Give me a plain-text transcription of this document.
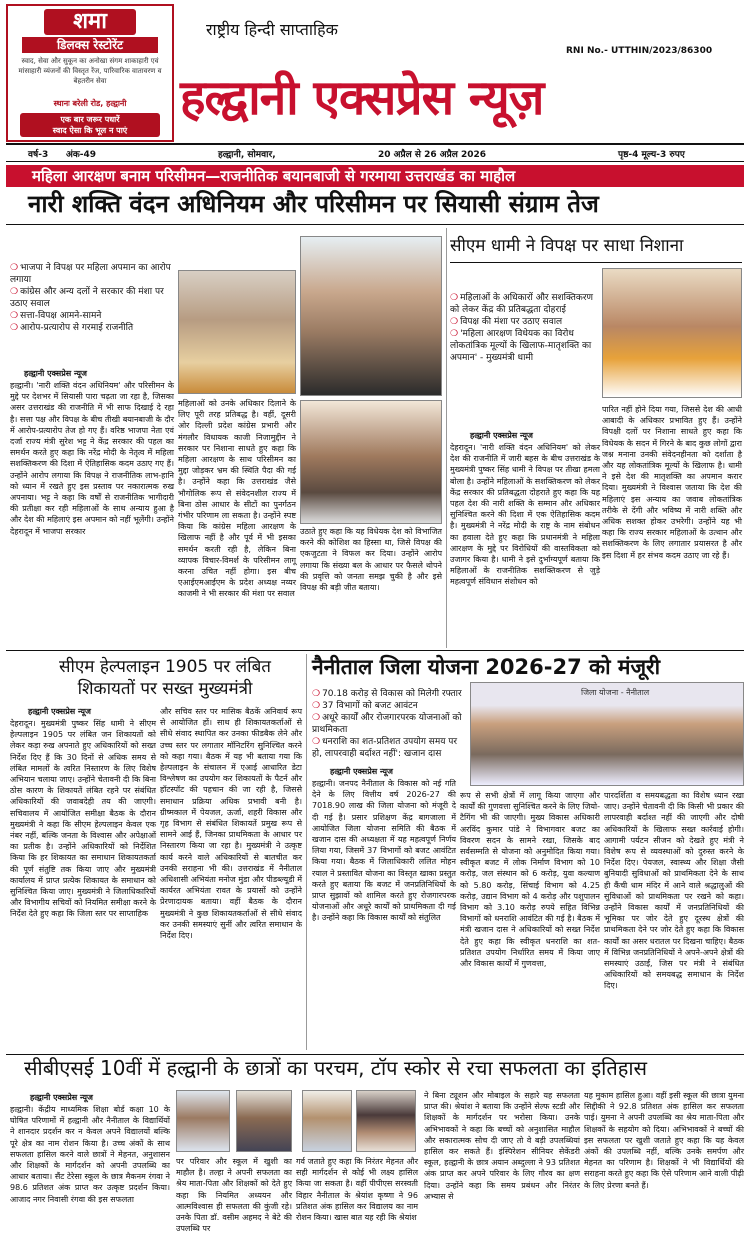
शमा
डिलक्स रेस्टोरेंट
स्वाद, सेवा और सुकून का अनोखा संगम शाकाहारी एवं मांसाहारी व्यंजनों की विस्तृत रेंज, पारिवारिक वातावरण व बेहतरीन सेवा
स्थानः बरेली रोड, हल्द्वानी
एक बार जरूर पधारें
स्वाद ऐसा कि भूल न पाएं
राष्ट्रीय हिन्दी साप्ताहिक
RNI No.- UTTHIN/2023/86300
हल्द्वानी एक्सप्रेस न्यूज़
वर्ष-3 अंक-49	हल्द्वानी, सोमवार,	20 अप्रैल से 26 अप्रैल 2026	पृष्ठ-4 मूल्य-3 रुपए
महिला आरक्षण बनाम परिसीमन—राजनीतिक बयानबाजी से गरमाया उत्तराखंड का माहौल
नारी शक्ति वंदन अधिनियम और परिसीमन पर सियासी संग्राम तेज
❍ भाजपा ने विपक्ष पर महिला अपमान का आरोप लगाया
❍ कांग्रेस और अन्य दलों ने सरकार की मंशा पर उठाए सवाल
❍ सत्ता-विपक्ष आमने-सामने
❍ आरोप-प्रत्यारोप से गरमाई राजनीति
हल्द्वानी एक्सप्रेस न्यूज
हल्द्वानी। 'नारी शक्ति वंदन अधिनियम' और परिसीमन के मुद्दे पर देशभर में सियासी पारा चढ़ता जा रहा है, जिसका असर उत्तराखंड की राजनीति में भी साफ दिखाई दे रहा है। सत्ता पक्ष और विपक्ष के बीच तीखी बयानबाजी के दौर में आरोप-प्रत्यारोप तेज हो गए हैं। वरिष्ठ भाजपा नेता एवं दर्जा राज्य मंत्री सुरेश भट्ट ने केंद्र सरकार की पहल का समर्थन करते हुए कहा कि नरेंद्र मोदी के नेतृत्व में महिला सशक्तिकरण की दिशा में ऐतिहासिक कदम उठाए गए हैं। उन्होंने आरोप लगाया कि विपक्ष ने राजनीतिक लाभ-हानि को ध्यान में रखते हुए इस प्रस्ताव पर नकारात्मक रुख अपनाया। भट्ट ने कहा कि वर्षों से राजनीतिक भागीदारी की प्रतीक्षा कर रही महिलाओं के साथ अन्याय हुआ है और देश की महिलाएं इस अपमान को नहीं भूलेंगी। उन्होंने देहरादून में भाजपा सरकार
महिलाओं को उनके अधिकार दिलाने के लिए पूरी तरह प्रतिबद्ध है। वहीं, दूसरी ओर दिल्ली प्रदेश कांग्रेस प्रभारी और मंगलौर विधायक काजी निजामुद्दीन ने सरकार पर निशाना साधते हुए कहा कि महिला आरक्षण के साथ परिसीमन का मुद्दा जोड़कर भ्रम की स्थिति पैदा की गई है। उन्होंने कहा कि उत्तराखंड जैसे भौगोलिक रूप से संवेदनशील राज्य में बिना ठोस आधार के सीटों का पुनर्गठन गंभीर परिणाम ला सकता है। उन्होंने स्पष्ट किया कि कांग्रेस महिला आरक्षण के खिलाफ नहीं है और पूर्व में भी इसका समर्थन करती रही है, लेकिन बिना व्यापक विचार-विमर्श के परिसीमन लागू करना उचित नहीं होगा। इस बीच एआईएमआईएम के प्रदेश अध्यक्ष नय्यर काजमी ने भी सरकार की मंशा पर सवाल
उठाते हुए कहा कि यह विधेयक देश को विभाजित करने की कोशिश का हिस्सा था, जिसे विपक्ष की एकजुटता ने विफल कर दिया। उन्होंने आरोप लगाया कि संख्या बल के आधार पर फैसले थोपने की प्रवृत्ति को जनता समझ चुकी है और इसे विपक्ष की बड़ी जीत बताया।
सीएम धामी ने विपक्ष पर साधा निशाना
❍ महिलाओं के अधिकारों और सशक्तिकरण को लेकर केंद्र की प्रतिबद्धता दोहराई
❍ विपक्ष की मंशा पर उठाए सवाल
❍ 'महिला आरक्षण विधेयक का विरोध लोकतांत्रिक मूल्यों के खिलाफ-मातृशक्ति का अपमान' - मुख्यमंत्री धामी
हल्द्वानी एक्सप्रेस न्यूज
देहरादून। 'नारी शक्ति वंदन अधिनियम' को लेकर देश की राजनीति में जारी बहस के बीच उत्तराखंड के मुख्यमंत्री पुष्कर सिंह धामी ने विपक्ष पर तीखा हमला बोला है। उन्होंने महिलाओं के सशक्तिकरण को लेकर केंद्र सरकार की प्रतिबद्धता दोहराते हुए कहा कि यह पहल देश की नारी शक्ति के सम्मान और अधिकार सुनिश्चित करने की दिशा में एक ऐतिहासिक कदम है। मुख्यमंत्री ने नरेंद्र मोदी के राष्ट्र के नाम संबोधन का हवाला देते हुए कहा कि प्रधानमंत्री ने महिला आरक्षण के मुद्दे पर विरोधियों की वास्तविकता को उजागर किया है। धामी ने इसे दुर्भाग्यपूर्ण बताया कि महिलाओं के राजनीतिक सशक्तिकरण से जुड़े महत्वपूर्ण संविधान संशोधन को
पारित नहीं होने दिया गया, जिससे देश की आधी आबादी के अधिकार प्रभावित हुए हैं। उन्होंने विपक्षी दलों पर निशाना साधते हुए कहा कि विधेयक के सदन में गिरने के बाद कुछ लोगों द्वारा जश्न मनाना उनकी संवेदनहीनता को दर्शाता है और यह लोकतांत्रिक मूल्यों के खिलाफ है। धामी ने इसे देश की मातृशक्ति का अपमान करार दिया। मुख्यमंत्री ने विश्वास जताया कि देश की महिलाएं इस अन्याय का जवाब लोकतांत्रिक तरीके से देंगी और भविष्य में नारी शक्ति और अधिक सशक्त होकर उभरेगी। उन्होंने यह भी कहा कि राज्य सरकार महिलाओं के उत्थान और सशक्तिकरण के लिए लगातार प्रयासरत है और इस दिशा में हर संभव कदम उठाए जा रहे हैं।
सीएम हेल्पलाइन 1905 पर लंबित शिकायतों पर सख्त मुख्यमंत्री
हल्द्वानी एक्सप्रेस न्यूज
देहरादून। मुख्यमंत्री पुष्कर सिंह धामी ने सीएम हेल्पलाइन 1905 पर लंबित जन शिकायतों को लेकर कड़ा रुख अपनाते हुए अधिकारियों को सख्त निर्देश दिए हैं कि 30 दिनों से अधिक समय से लंबित मामलों के त्वरित निस्तारण के लिए विशेष अभियान चलाया जाए। उन्होंने चेतावनी दी कि बिना ठोस कारण के शिकायतें लंबित रहने पर संबंधित अधिकारियों की जवाबदेही तय की जाएगी। सचिवालय में आयोजित समीक्षा बैठक के दौरान मुख्यमंत्री ने कहा कि सीएम हेल्पलाइन केवल एक नंबर नहीं, बल्कि जनता के विश्वास और अपेक्षाओं का प्रतीक है। उन्होंने अधिकारियों को निर्देशित किया कि हर शिकायत का समाधान शिकायतकर्ता की पूर्ण संतुष्टि तक किया जाए और मुख्यमंत्री कार्यालय में प्राप्त प्रत्येक शिकायत के समाधान को सुनिश्चित किया जाए। मुख्यमंत्री ने जिलाधिकारियों और विभागीय सचिवों को नियमित समीक्षा करने के निर्देश देते हुए कहा कि जिला स्तर पर साप्ताहिक
और सचिव स्तर पर मासिक बैठकें अनिवार्य रूप से आयोजित हों। साथ ही शिकायतकर्ताओं से सीधे संवाद स्थापित कर उनका फीडबैक लेने और उच्च स्तर पर लगातार मॉनिटरिंग सुनिश्चित करने को कहा गया। बैठक में यह भी बताया गया कि हेल्पलाइन के संचालन में एआई आधारित डेटा विश्लेषण का उपयोग कर शिकायतों के पैटर्न और हॉटस्पॉट की पहचान की जा रही है, जिससे समाधान प्रक्रिया अधिक प्रभावी बनी है। ग्रीष्मकाल में पेयजल, ऊर्जा, शहरी विकास और गृह विभाग से संबंधित शिकायतें प्रमुख रूप से सामने आई हैं, जिनका प्राथमिकता के आधार पर निस्तारण किया जा रहा है। मुख्यमंत्री ने उत्कृष्ट कार्य करने वाले अधिकारियों से बातचीत कर उनकी सराहना भी की। उत्तराखंड में नैनीताल अधिशासी अभियंता मनोज मुंडा और पीडब्ल्यूडी में कार्यरत अभियंता रावत के प्रयासों को उन्होंने प्रेरणादायक बताया। वहीं बैठक के दौरान मुख्यमंत्री ने कुछ शिकायतकर्ताओं से सीधे संवाद कर उनकी समस्याएं सुनीं और त्वरित समाधान के निर्देश दिए।
नैनीताल जिला योजना 2026-27 को मंजूरी
❍ 70.18 करोड़ से विकास को मिलेगी रफ्तार
❍ 37 विभागों को बजट आवंटन
❍ अधूरे कार्यों और रोजगारपरक योजनाओं को प्राथमिकता
❍ धनराशि का शत-प्रतिशत उपयोग समय पर हो, लापरवाही बर्दाश्त नहीं': खजान दास
जिला योजना - नैनीताल
हल्द्वानी एक्सप्रेस न्यूज
हल्द्वानी। जनपद नैनीताल के विकास को नई गति देने के लिए वित्तीय वर्ष 2026-27 की 7018.90 लाख की जिला योजना को मंजूरी दे दी गई है। प्रसार प्रशिक्षण केंद्र बागजाला में आयोजित जिला योजना समिति की बैठक में खजान दास की अध्यक्षता में यह महत्वपूर्ण निर्णय लिया गया, जिसमें 37 विभागों को बजट आवंटित किया गया। बैठक में जिलाधिकारी ललित मोहन रयाल ने प्रस्तावित योजना का विस्तृत खाका प्रस्तुत करते हुए बताया कि बजट में जनप्रतिनिधियों के प्राप्त सुझावों को शामिल करते हुए रोजगारपरक योजनाओं और अधूरे कार्यों को प्राथमिकता दी गई है। उन्होंने कहा कि विकास कार्यों को संतुलित
रूप से सभी क्षेत्रों में लागू किया जाएगा और कार्यों की गुणवत्ता सुनिश्चित करने के लिए जियो-टैगिंग भी की जाएगी। मुख्य विकास अधिकारी अरविंद कुमार पांडे ने विभागवार बजट का विवरण सदन के सामने रखा, जिसके बाद सर्वसम्मति से योजना को अनुमोदित किया गया। स्वीकृत बजट में लोक निर्माण विभाग को 10 करोड़, जल संस्थान को 6 करोड़, युवा कल्याण को 5.80 करोड़, सिंचाई विभाग को 4.25 करोड़, उद्यान विभाग को 4 करोड़ और पशुपालन विभाग को 3.10 करोड़ रुपये सहित विभिन्न विभागों को धनराशि आवंटित की गई है। बैठक में मंत्री खजान दास ने अधिकारियों को सख्त निर्देश देते हुए कहा कि स्वीकृत धनराशि का शत-प्रतिशत उपयोग निर्धारित समय में किया जाए और विकास कार्यों में गुणवत्ता,
पारदर्शिता व समयबद्धता का विशेष ध्यान रखा जाए। उन्होंने चेतावनी दी कि किसी भी प्रकार की लापरवाही बर्दाश्त नहीं की जाएगी और दोषी अधिकारियों के खिलाफ सख्त कार्रवाई होगी। आगामी पर्यटन सीजन को देखते हुए मंत्री ने विशेष रूप से व्यवस्थाओं को दुरुस्त करने के निर्देश दिए। पेयजल, स्वास्थ्य और शिक्षा जैसी बुनियादी सुविधाओं को प्राथमिकता देने के साथ ही कैंची धाम मंदिर में आने वाले श्रद्धालुओं की सुविधाओं को प्राथमिकता पर रखने को कहा। उन्होंने विकास कार्यों में जनप्रतिनिधियों की भूमिका पर जोर देते हुए दूरस्थ क्षेत्रों की प्राथमिकता देने पर जोर देते हुए कहा कि विकास कार्यों का असर धरातल पर दिखना चाहिए। बैठक में विभिन्न जनप्रतिनिधियों ने अपने-अपने क्षेत्रों की समस्याएं उठाईं, जिस पर मंत्री ने संबंधित अधिकारियों को समयबद्ध समाधान के निर्देश दिए।
सीबीएसई 10वीं में हल्द्वानी के छात्रों का परचम, टॉप स्कोर से रचा सफलता का इतिहास
हल्द्वानी एक्सप्रेस न्यूज
हल्द्वानी। केंद्रीय माध्यमिक शिक्षा बोर्ड कक्षा 10 के घोषित परिणामों में हल्द्वानी और नैनीताल के विद्यार्थियों ने शानदार प्रदर्शन कर न केवल अपने विद्यालयों बल्कि पूरे क्षेत्र का नाम रोशन किया है। उच्च अंकों के साथ सफलता हासिल करने वाले छात्रों ने मेहनत, अनुशासन और शिक्षकों के मार्गदर्शन को अपनी उपलब्धि का आधार बताया। सैंट टेरेसा स्कूल के छात्र मैकनम रंगवा ने 98.6 प्रतिशत अंक प्राप्त कर उत्कृष्ट प्रदर्शन किया। आजाद नगर निवासी रंगवा की इस सफलता
पर परिवार और स्कूल में खुशी का माहौल है। तल्हा ने अपनी सफलता का श्रेय माता-पिता और शिक्षकों को देते हुए कहा कि नियमित अध्ययन और आत्मविश्वास ही सफलता की कुंजी रहे। उनके पिता डॉ. वसीम अहमद ने बेटे की उपलब्धि पर
गर्व जताते हुए कहा कि निरंतर मेहनत और सही मार्गदर्शन से कोई भी लक्ष्य हासिल किया जा सकता है। वहीं पीपीएस सरस्वती विहार नैनीताल के श्रेयांश कृष्णा ने 96 प्रतिशत अंक हासिल कर विद्यालय का नाम रोशन किया। खास बात यह रही कि श्रेयांश
ने बिना ट्यूशन और मोबाइल के सहारे यह सफलता प्राप्त की। श्रेयांश ने बताया कि उन्होंने सेल्फ स्टडी और शिक्षकों के मार्गदर्शन पर भरोसा किया। उनके अभिभावकों ने कहा कि बच्चों को अनुशासित माहौल और सकारात्मक सोच दी जाए तो वे बड़ी उपलब्धियां हासिल कर सकते हैं। इंस्पिरेशन सीनियर सेकेंडरी स्कूल, हल्द्वानी के छात्र अयान अब्दुल्ला ने 93 प्रतिशत अंक प्राप्त कर अपने परिवार के लिए गौरव का क्षण दिया। उन्होंने कहा कि समय प्रबंधन और निरंतर अभ्यास से
यह मुकाम हासिल हुआ। वहीं इसी स्कूल की छात्रा युमना सिद्दीकी ने 92.8 प्रतिशत अंक हासिल कर सफलता पाई। युमना ने अपनी उपलब्धि का श्रेय माता-पिता और शिक्षकों के सहयोग को दिया। अभिभावकों ने बच्चों की इस सफलता पर खुशी जताते हुए कहा कि यह केवल अंकों की उपलब्धि नहीं, बल्कि उनके समर्पण और मेहनत का परिणाम है। शिक्षकों ने भी विद्यार्थियों की सराहना करते हुए कहा कि ऐसे परिणाम आने वाली पीढ़ी के लिए प्रेरणा बनते हैं।
